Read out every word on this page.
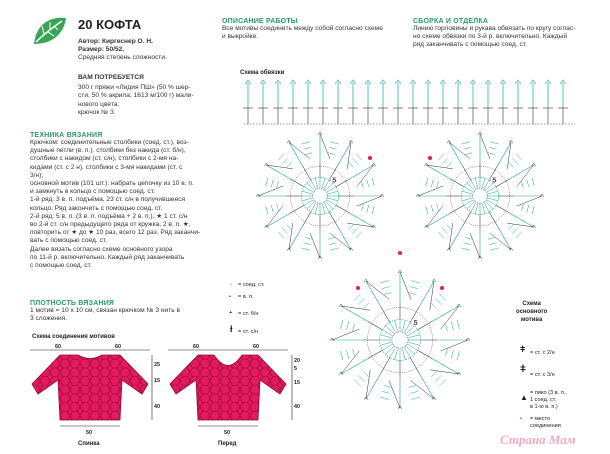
20 КОФТА
Автор: Киргеснер О. Н.
Размер: 50/52.
Средняя степень сложности.
ВАМ ПОТРЕБУЕТСЯ
300 г пряжи «Лидия ПШ» (50 % шер-
сти, 50 % акрила; 1613 м/100 г) мали-
нового цвета;
крючок № 3.
ТЕХНИКА ВЯЗАНИЯ
Крючком: соединительные столбики (соед. ст.), воз-
душные петли (в. п.), столбики без накида (ст. б/н),
столбики с накидом (ст. с/н), столбики с 2-мя на-
кидами (ст. с 2 н), столбики с 3-мя накидами (ст. с
3/н);
основной мотив (101 шт.): набрать цепочку из 10 в. п.
и замкнуть в кольцо с помощью соед. ст.
1-й ряд: 3 в. п. подъёма, 23 ст. с/н в получившееся
кольцо. Ряд закончить с помощью соед. ст.
2-й ряд: 5 в. п. (3 в. п. подъёма + 2 в. п.), ★ 1 ст. с/н
во 2-й ст. с/н предыдущего ряда от кружка, 2 в. п. ★,
повторить от ★ до ★ 10 раз, всего 12 раз. Ряд заканчи-
вать с помощью соед. ст.
Далее вязать согласно схеме основного узора
по 11-й р. включительно. Каждый ряд заканчивать
с помощью соед. ст.
ПЛОТНОСТЬ ВЯЗАНИЯ
1 мотив = 10 х 10 см, связан крючком № 3 нить в
3 сложения.
ОПИСАНИЕ РАБОТЫ
Все мотивы соединить между собой согласно схеме
и выкройке.
СБОРКА И ОТДЕЛКА
Линию горловины и рукава обвязать по кругу соглас-
но схеме обвязки по 3-й р. включительно. Каждый
ряд заканчивать с помощью соед. ст.
Схема обвязки
5	5
5
Схема
основного
мотива
◦ = соед. ст.
• = в. п.
+ = ст. б/н
ƚ = ст. с/н
ǂ = ст. с 2/н
ǂ = ст. с 3/н
▲ = пико (3 в. п.,
1 соед. ст.
в 1-ю в. п.)
• = место
соединения
Схема соединения мотивов
60	60
50
25
15
40
60	60
50
20
5
15
40
Спинка	Перед	Страна Мам
